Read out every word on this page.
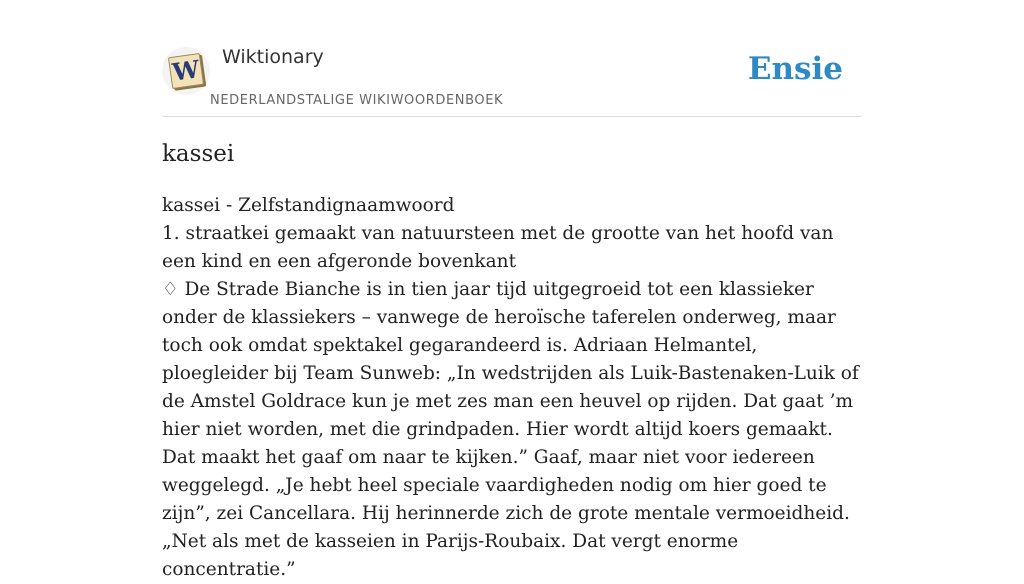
W Wiktionary
NEDERLANDSTALIGE WIKIWOORDENBOEK
Ensie
kassei

kassei - Zelfstandignaamwoord

1. straatkei gemaakt van natuursteen met de grootte van het hoofd van een kind en een afgeronde bovenkant

♢ De Strade Bianche is in tien jaar tijd uitgegroeid tot een klassieker onder de klassiekers – vanwege de heroïsche taferelen onderweg, maar toch ook omdat spektakel gegarandeerd is. Adriaan Helmantel, ploegleider bij Team Sunweb: „In wedstrijden als Luik-Bastenaken-Luik of de Amstel Goldrace kun je met zes man een heuvel op rijden. Dat gaat ’m hier niet worden, met die grindpaden. Hier wordt altijd koers gemaakt. Dat maakt het gaaf om naar te kijken.” Gaaf, maar niet voor iedereen weggelegd. „Je hebt heel speciale vaardigheden nodig om hier goed te zijn”, zei Cancellara. Hij herinnerde zich de grote mentale vermoeidheid. „Net als met de kasseien in Parijs-Roubaix. Dat vergt enorme concentratie.”
